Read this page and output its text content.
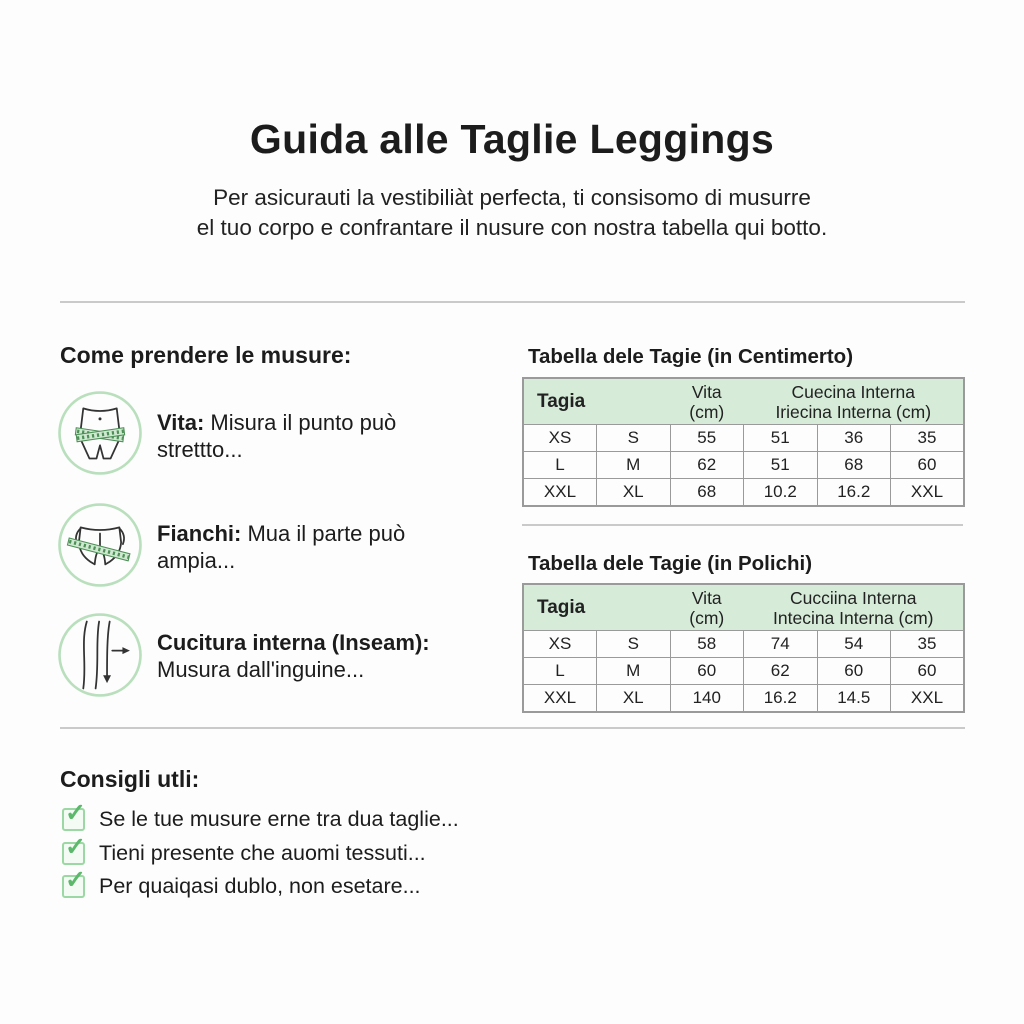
Guida alle Taglie Leggings
Per asicurauti la vestibiliàt perfecta, ti consisomo di musurre
el tuo corpo e confrantare il nusure con nostra tabella qui botto.
Come prendere le musure:
Vita: Misura il punto può strettto...
Fianchi: Mua il parte può ampia...
Cucitura interna (Inseam):
Musura dall'inguine...
Tabella dele Tagie (in Centimerto)
Tagia		Vita
(cm)	Cuecina Interna
Iriecina Interna (cm)		
XS	S	55	51	36	35
L	M	62	51	68	60
XXL	XL	68	10.2	16.2	XXL
Tabella dele Tagie (in Polichi)
Tagia		Vita
(cm)	Cucciina Interna
Intecina Interna (cm)		
XS	S	58	74	54	35
L	M	60	62	60	60
XXL	XL	140	16.2	14.5	XXL
Consigli utli:
✓ Se le tue musure erne tra dua taglie...
✓ Tieni presente che auomi tessuti...
✓ Per quaiqasi dublo, non esetare...
